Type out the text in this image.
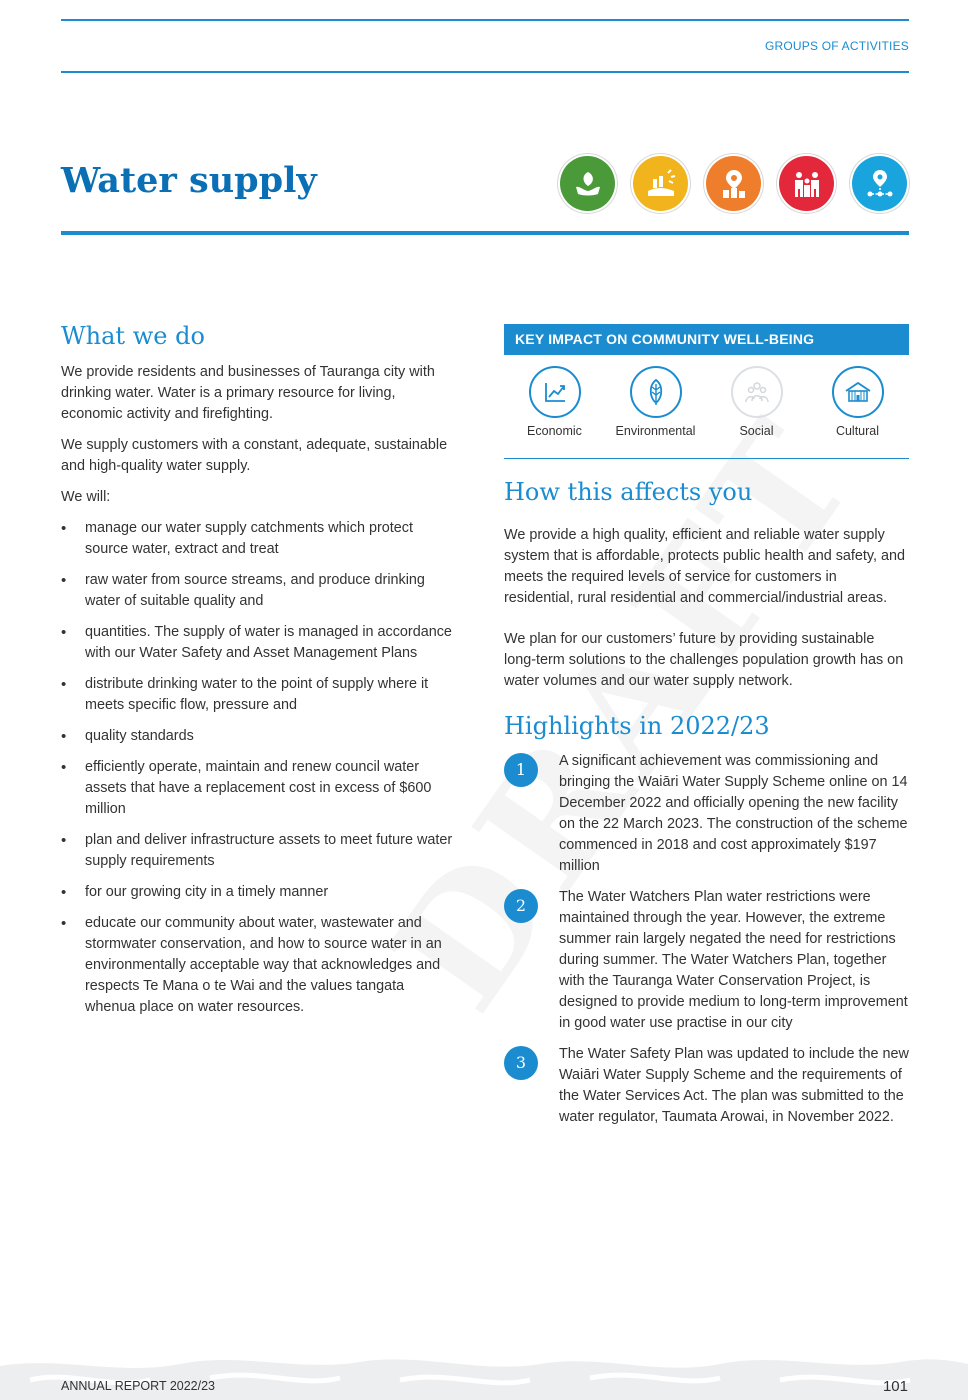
GROUPS OF ACTIVITIES
Water supply
What we do

We provide residents and businesses of Tauranga city with drinking water. Water is a primary resource for living, economic activity and firefighting.

We supply customers with a constant, adequate, sustainable and high-quality water supply.

We will:

• manage our water supply catchments which protect source water, extract and treat
• raw water from source streams, and produce drinking water of suitable quality and
• quantities. The supply of water is managed in accordance with our Water Safety and Asset Management Plans
• distribute drinking water to the point of supply where it meets specific flow, pressure and
• quality standards
• efficiently operate, maintain and renew council water assets that have a replacement cost in excess of $600 million
• plan and deliver infrastructure assets to meet future water supply requirements
• for our growing city in a timely manner
• educate our community about water, wastewater and stormwater conservation, and how to source water in an environmentally acceptable way that acknowledges and respects Te Mana o te Wai and the values tangata whenua place on water resources.
KEY IMPACT ON COMMUNITY WELL-BEING
Economic	Environmental	Social	Cultural
How this affects you

We provide a high quality, efficient and reliable water supply system that is affordable, protects public health and safety, and meets the required levels of service for customers in residential, rural residential and commercial/industrial areas.

We plan for our customers’ future by providing sustainable long-term solutions to the challenges population growth has on water volumes and our water supply network.

Highlights in 2022/23
1	A significant achievement was commissioning and bringing the Waiāri Water Supply Scheme online on 14 December 2022 and officially opening the new facility on the 22 March 2023. The construction of the scheme commenced in 2018 and cost approximately $197 million

2	The Water Watchers Plan water restrictions were maintained through the year. However, the extreme summer rain largely negated the need for restrictions during summer. The Water Watchers Plan, together with the Tauranga Water Conservation Project, is designed to provide medium to long-term improvement in good water use practise in our city

3	The Water Safety Plan was updated to include the new Waiāri Water Supply Scheme and the requirements of the Water Services Act. The plan was submitted to the water regulator, Taumata Arowai, in November 2022.

ANNUAL REPORT 2022/23	101
